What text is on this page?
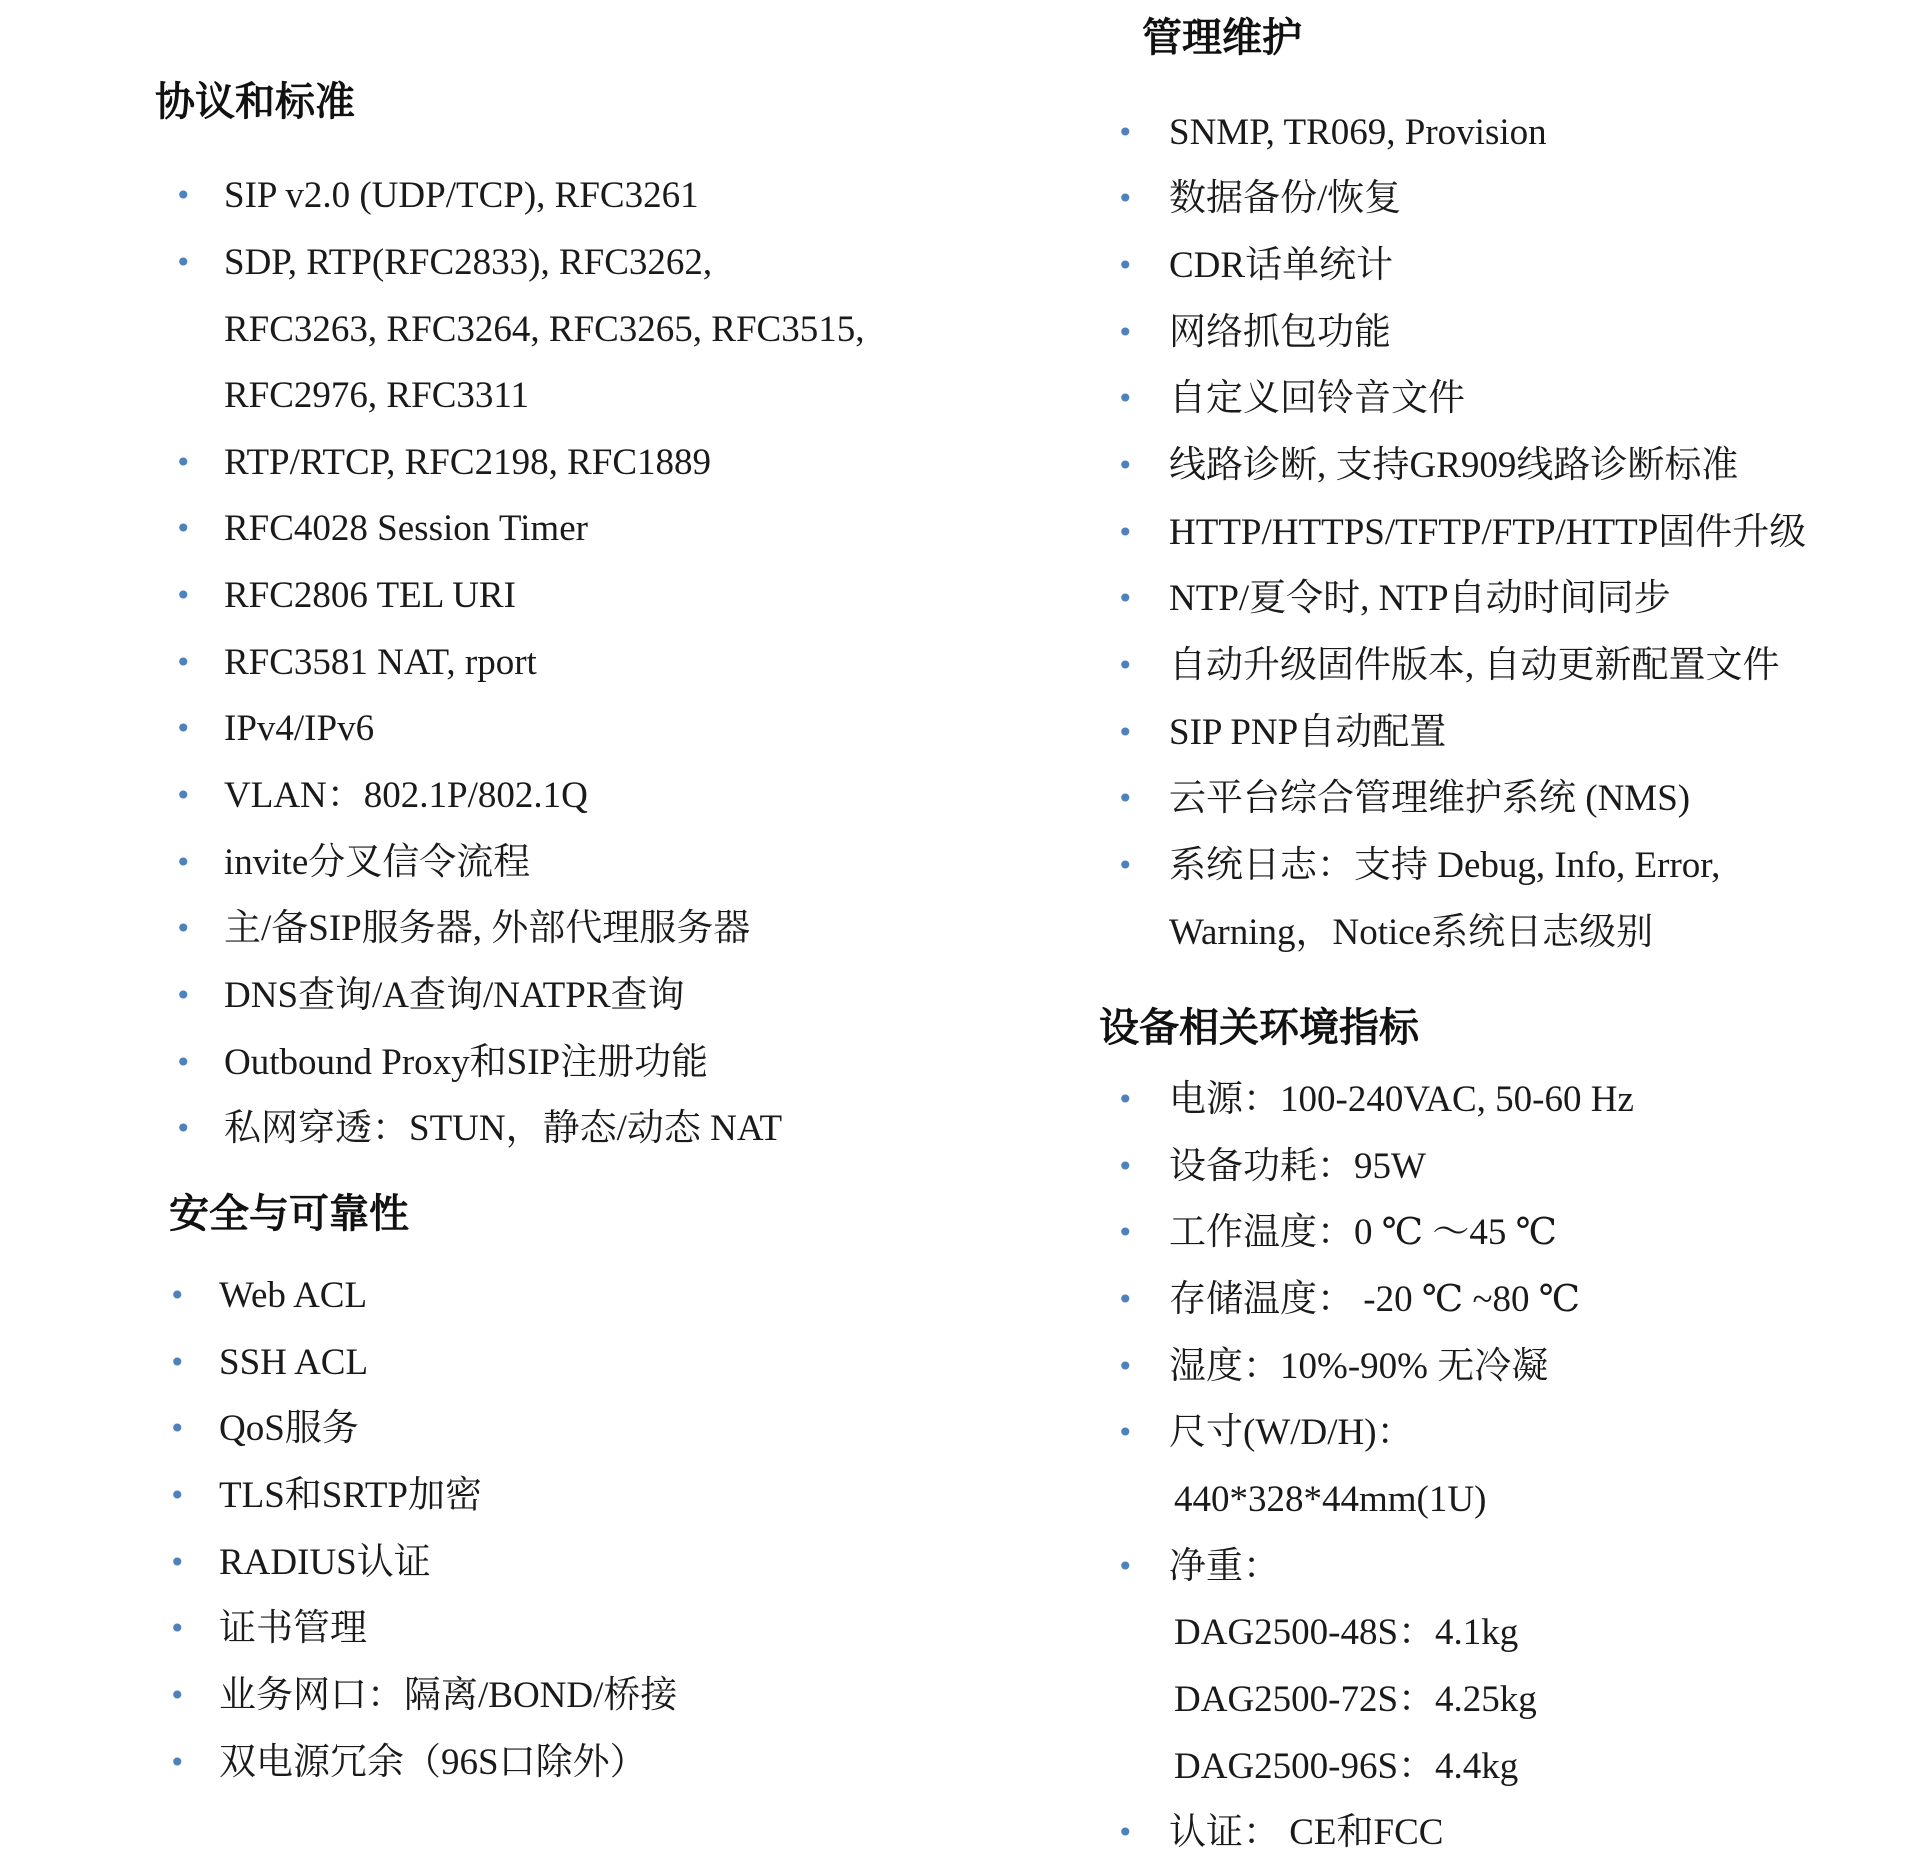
协议和标准
• SIP v2.0 (UDP/TCP), RFC3261
• SDP, RTP(RFC2833), RFC3262,
RFC3263, RFC3264, RFC3265, RFC3515,
RFC2976, RFC3311
• RTP/RTCP, RFC2198, RFC1889
• RFC4028 Session Timer
• RFC2806 TEL URI
• RFC3581 NAT, rport
• IPv4/IPv6
• VLAN：802.1P/802.1Q
• invite分叉信令流程
• 主/备SIP服务器, 外部代理服务器
• DNS查询/A查询/NATPR查询
• Outbound Proxy和SIP注册功能
• 私网穿透：STUN，静态/动态 NAT
安全与可靠性
• Web ACL
• SSH ACL
• QoS服务
• TLS和SRTP加密
• RADIUS认证
• 证书管理
• 业务网口：隔离/BOND/桥接
• 双电源冗余（96S口除外）
管理维护
• SNMP, TR069, Provision
• 数据备份/恢复
• CDR话单统计
• 网络抓包功能
• 自定义回铃音文件
• 线路诊断, 支持GR909线路诊断标准
• HTTP/HTTPS/TFTP/FTP/HTTP固件升级
• NTP/夏令时, NTP自动时间同步
• 自动升级固件版本, 自动更新配置文件
• SIP PNP自动配置
• 云平台综合管理维护系统 (NMS)
• 系统日志：支持 Debug, Info, Error,
Warning，Notice系统日志级别
设备相关环境指标
• 电源：100-240VAC, 50-60 Hz
• 设备功耗：95W
• 工作温度：0 ℃ ～45 ℃
• 存储温度： -20 ℃ ~80 ℃
• 湿度：10%-90% 无冷凝
• 尺寸(W/D/H)：
440*328*44mm(1U)
• 净重：
DAG2500-48S：4.1kg
DAG2500-72S：4.25kg
DAG2500-96S：4.4kg
• 认证： CE和FCC
